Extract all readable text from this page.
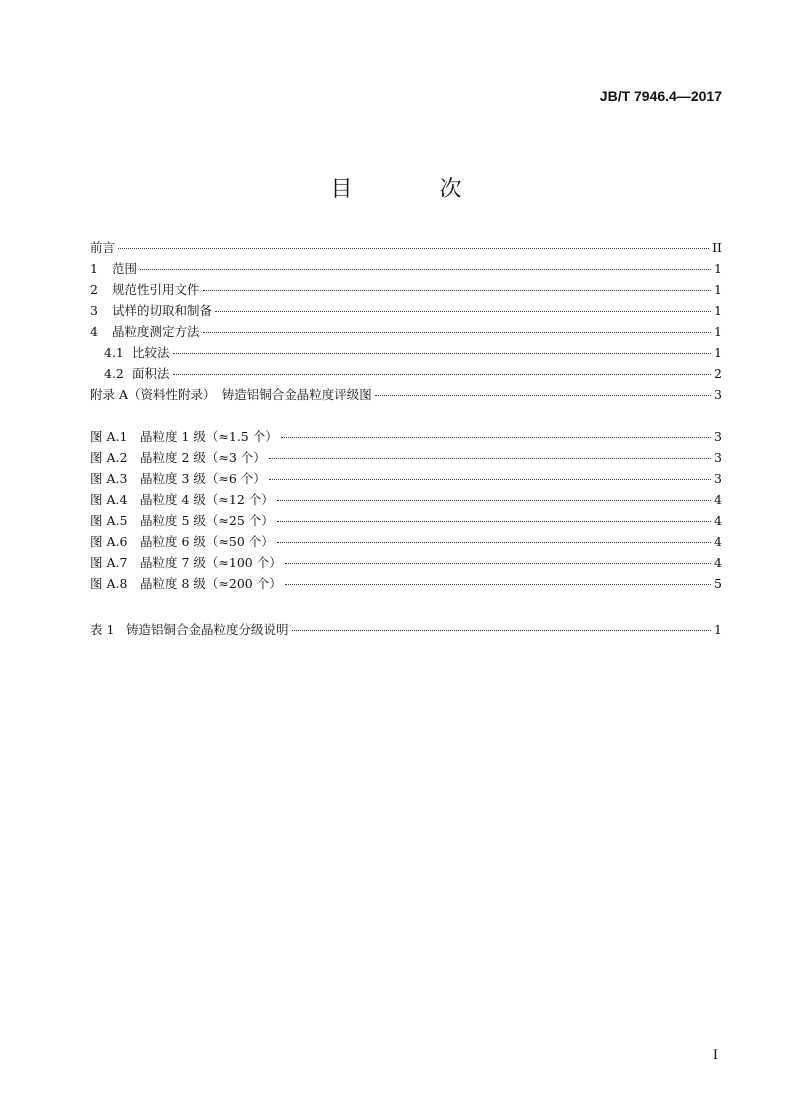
JB/T 7946.4—2017
目 次
前言	II
1	范围	1
2	规范性引用文件	1
3	试样的切取和制备	1
4	晶粒度测定方法	1
4.1 比较法	1
4.2 面积法	2
附录 A（资料性附录）　铸造铝铜合金晶粒度评级图	3
图 A.1	晶粒度 1 级（≈1.5 个）	3
图 A.2	晶粒度 2 级（≈3 个）	3
图 A.3	晶粒度 3 级（≈6 个）	3
图 A.4	晶粒度 4 级（≈12 个）	4
图 A.5	晶粒度 5 级（≈25 个）	4
图 A.6	晶粒度 6 级（≈50 个）	4
图 A.7	晶粒度 7 级（≈100 个）	4
图 A.8	晶粒度 8 级（≈200 个）	5
表 1 铸造铝铜合金晶粒度分级说明	1
I
